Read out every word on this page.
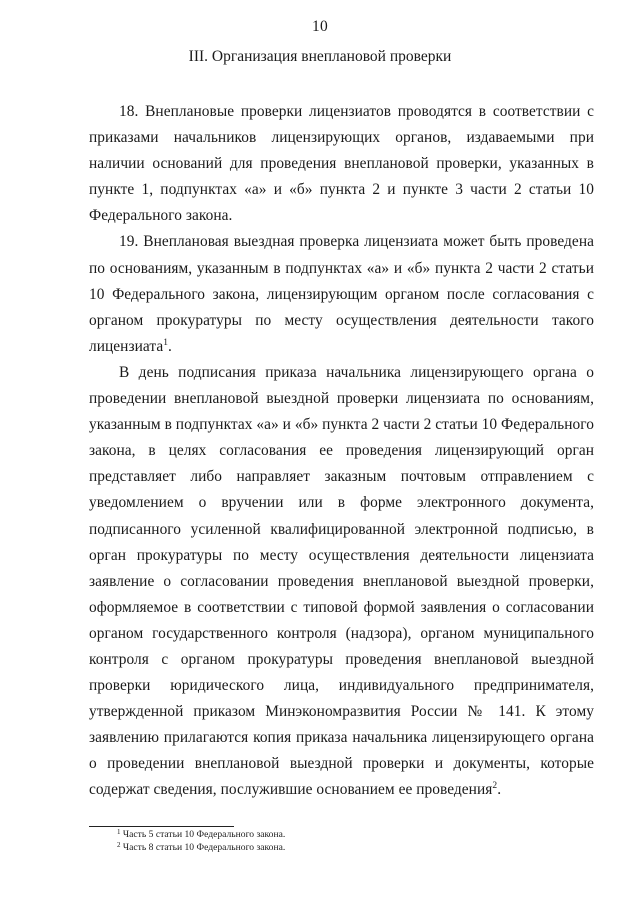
10
III. Организация внеплановой проверки

18. Внеплановые проверки лицензиатов проводятся в соответствии с приказами начальников лицензирующих органов, издаваемыми при наличии оснований для проведения внеплановой проверки, указанных в пункте 1, подпунктах «а» и «б» пункта 2 и пункте 3 части 2 статьи 10 Федерального закона.

19. Внеплановая выездная проверка лицензиата может быть проведена по основаниям, указанным в подпунктах «а» и «б» пункта 2 части 2 статьи 10 Федерального закона, лицензирующим органом после согласования с органом прокуратуры по месту осуществления деятельности такого лицензиата$^1$.

В день подписания приказа начальника лицензирующего органа о проведении внеплановой выездной проверки лицензиата по основаниям, указанным в подпунктах «а» и «б» пункта 2 части 2 статьи 10 Федерального закона, в целях согласования ее проведения лицензирующий орган представляет либо направляет заказным почтовым отправлением с уведомлением о вручении или в форме электронного документа, подписанного усиленной квалифицированной электронной подписью, в орган прокуратуры по месту осуществления деятельности лицензиата заявление о согласовании проведения внеплановой выездной проверки, оформляемое в соответствии с типовой формой заявления о согласовании органом государственного контроля (надзора), органом муниципального контроля с органом прокуратуры проведения внеплановой выездной проверки юридического лица, индивидуального предпринимателя, утвержденной приказом Минэкономразвития России № 141. К этому заявлению прилагаются копия приказа начальника лицензирующего органа о проведении внеплановой выездной проверки и документы, которые содержат сведения, послужившие основанием ее проведения$^2$.

$^1$ Часть 5 статьи 10 Федерального закона.
$^2$ Часть 8 статьи 10 Федерального закона.
